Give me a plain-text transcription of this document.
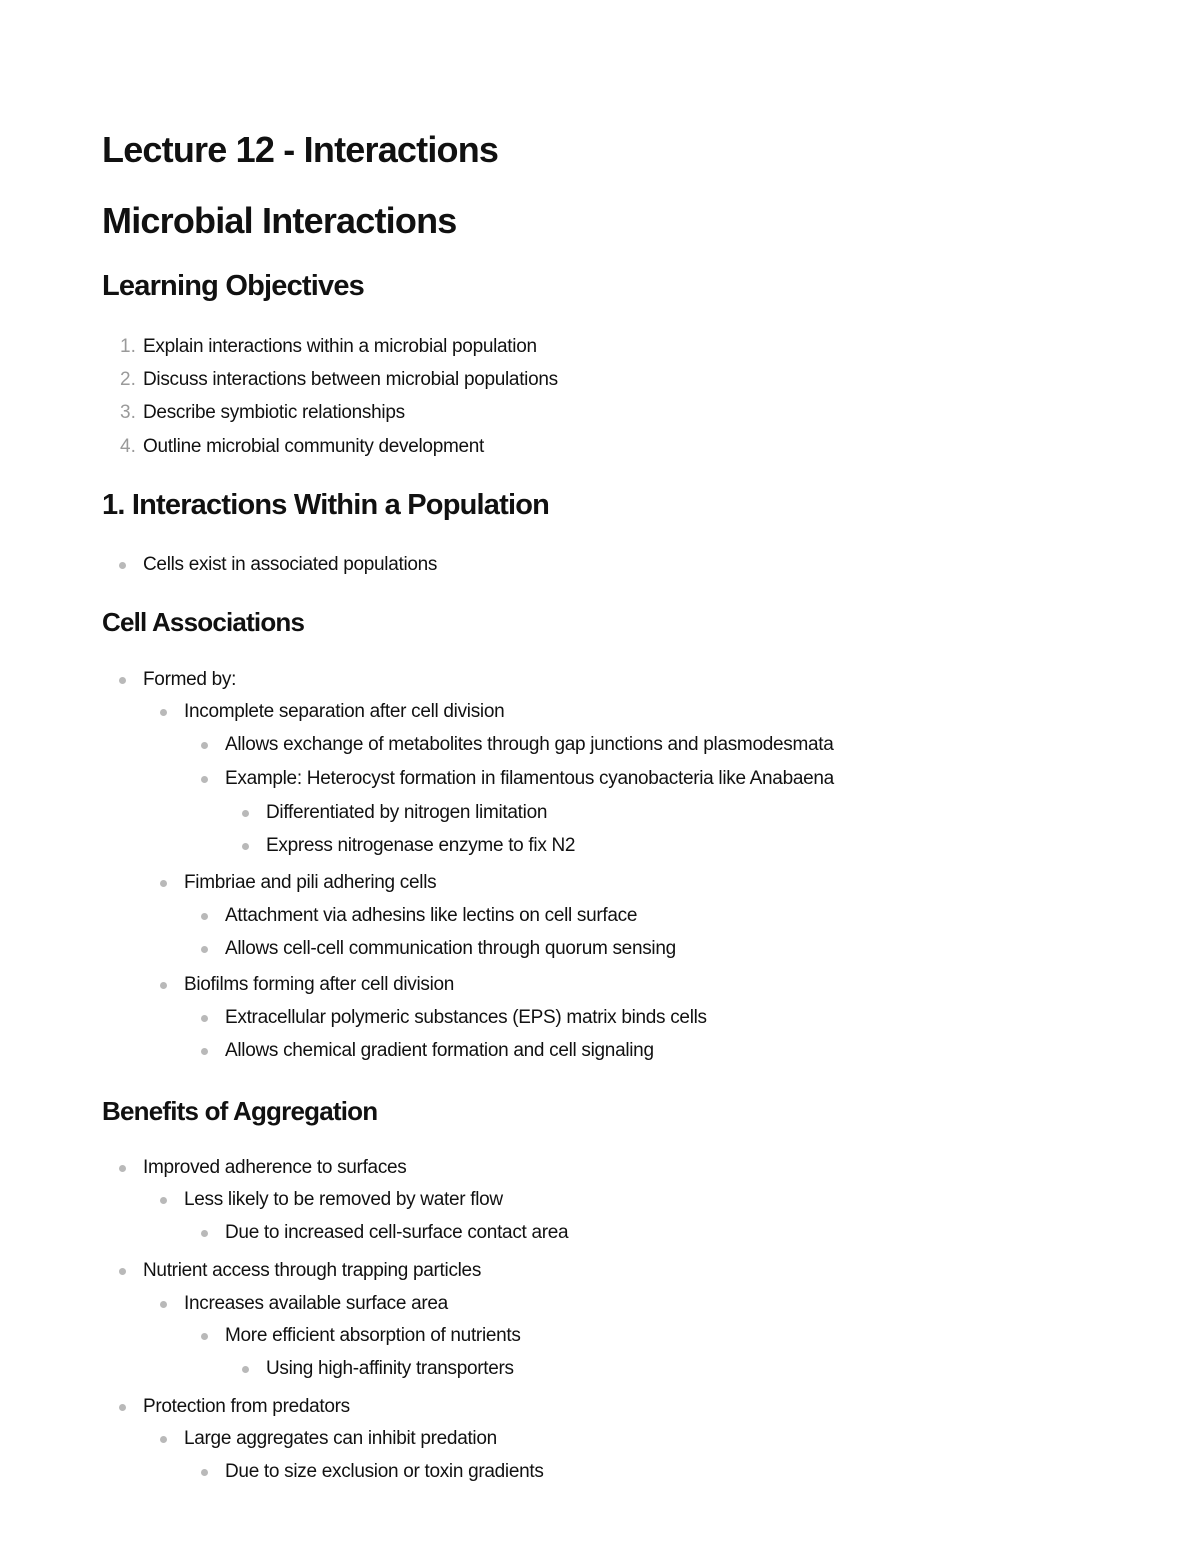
Lecture 12 - Interactions
Microbial Interactions
Learning Objectives
1. Explain interactions within a microbial population
2. Discuss interactions between microbial populations
3. Describe symbiotic relationships
4. Outline microbial community development
1. Interactions Within a Population
Cells exist in associated populations
Cell Associations
Formed by:
Incomplete separation after cell division
Allows exchange of metabolites through gap junctions and plasmodesmata
Example: Heterocyst formation in filamentous cyanobacteria like Anabaena
Differentiated by nitrogen limitation
Express nitrogenase enzyme to fix N2
Fimbriae and pili adhering cells
Attachment via adhesins like lectins on cell surface
Allows cell-cell communication through quorum sensing
Biofilms forming after cell division
Extracellular polymeric substances (EPS) matrix binds cells
Allows chemical gradient formation and cell signaling
Benefits of Aggregation
Improved adherence to surfaces
Less likely to be removed by water flow
Due to increased cell-surface contact area
Nutrient access through trapping particles
Increases available surface area
More efficient absorption of nutrients
Using high-affinity transporters
Protection from predators
Large aggregates can inhibit predation
Due to size exclusion or toxin gradients
